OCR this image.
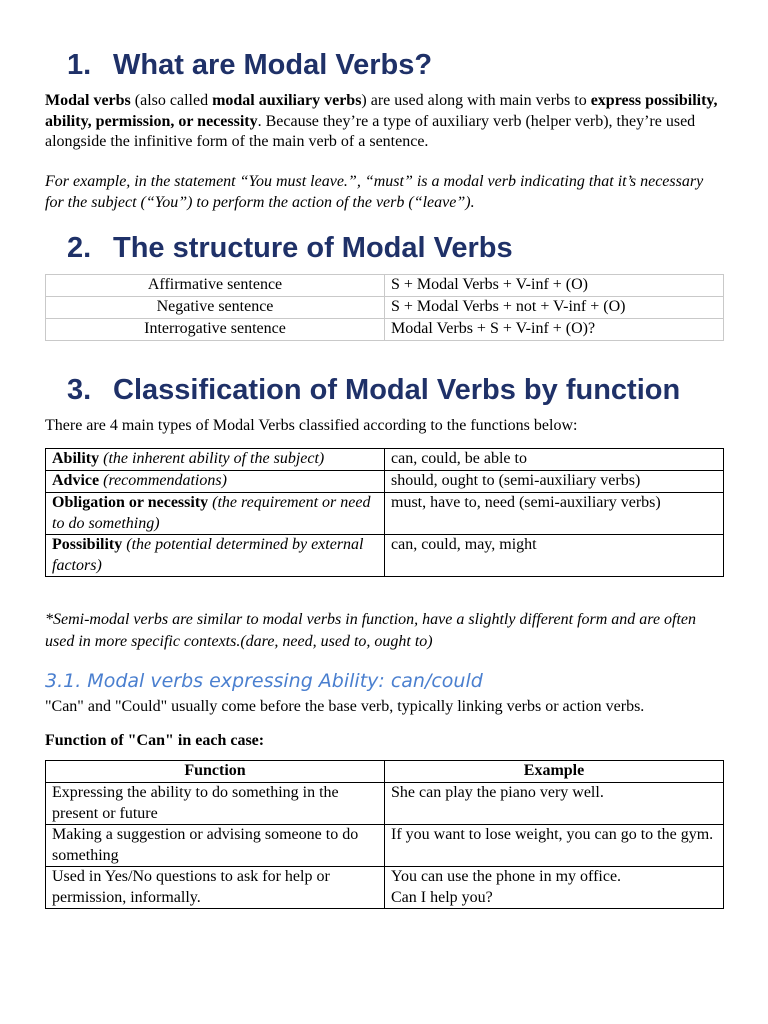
1. What are Modal Verbs?
Modal verbs (also called modal auxiliary verbs) are used along with main verbs to express possibility, ability, permission, or necessity. Because they’re a type of auxiliary verb (helper verb), they’re used alongside the infinitive form of the main verb of a sentence.
For example, in the statement “You must leave.”, “must” is a modal verb indicating that it’s necessary for the subject (“You”) to perform the action of the verb (“leave”).
2. The structure of Modal Verbs
Affirmative sentence	S + Modal Verbs + V-inf + (O)
Negative sentence	S + Modal Verbs + not + V-inf + (O)
Interrogative sentence	Modal Verbs + S + V-inf + (O)?
3. Classification of Modal Verbs by function
There are 4 main types of Modal Verbs classified according to the functions below:
Ability (the inherent ability of the subject)	can, could, be able to
Advice (recommendations)	should, ought to (semi-auxiliary verbs)
Obligation or necessity (the requirement or need to do something)	must, have to, need (semi-auxiliary verbs)
Possibility (the potential determined by external factors)	can, could, may, might
*Semi-modal verbs are similar to modal verbs in function, have a slightly different form and are often used in more specific contexts.(dare, need, used to, ought to)
3.1. Modal verbs expressing Ability: can/could
"Can" and "Could" usually come before the base verb, typically linking verbs or action verbs.
Function of "Can" in each case:
Function	Example
Expressing the ability to do something in the present or future	She can play the piano very well.
Making a suggestion or advising someone to do something	If you want to lose weight, you can go to the gym.
Used in Yes/No questions to ask for help or permission, informally.	You can use the phone in my office.
Can I help you?
